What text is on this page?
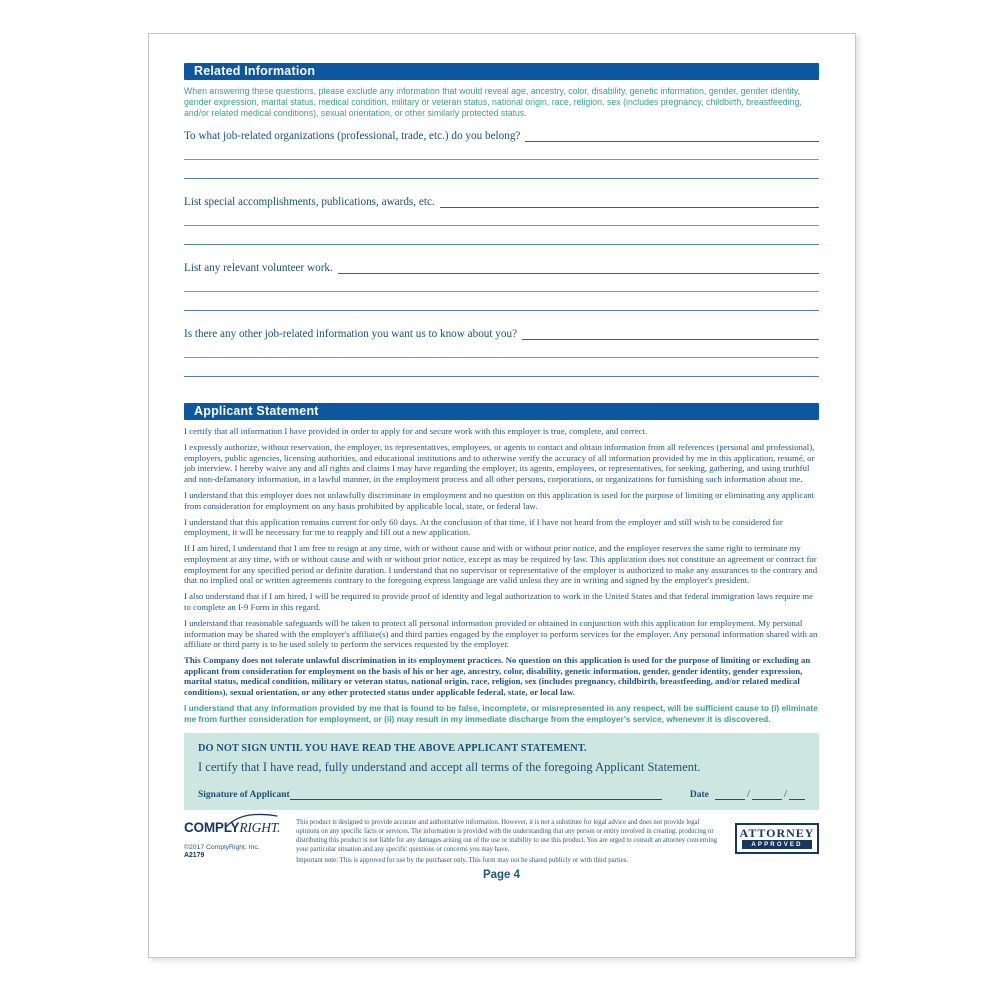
Related Information

When answering these questions, please exclude any information that would reveal age, ancestry, color, disability, genetic information, gender, gender identity, gender expression, marital status, medical condition, military or veteran status, national origin, race, religion, sex (includes pregnancy, childbirth, breastfeeding, and/or related medical conditions), sexual orientation, or other similarly protected status.

To what job-related organizations (professional, trade, etc.) do you belong?
List special accomplishments, publications, awards, etc.
List any relevant volunteer work.
Is there any other job-related information you want us to know about you?
Applicant Statement

I certify that all information I have provided in order to apply for and secure work with this employer is true, complete, and correct.

I expressly authorize, without reservation, the employer, its representatives, employees, or agents to contact and obtain information from all references (personal and professional), employers, public agencies, licensing authorities, and educational institutions and to otherwise verify the accuracy of all information provided by me in this application, resumé, or job interview. I hereby waive any and all rights and claims I may have regarding the employer, its agents, employees, or representatives, for seeking, gathering, and using truthful and non-defamatory information, in a lawful manner, in the employment process and all other persons, corporations, or organizations for furnishing such information about me.

I understand that this employer does not unlawfully discriminate in employment and no question on this application is used for the purpose of limiting or eliminating any applicant from consideration for employment on any basis prohibited by applicable local, state, or federal law.

I understand that this application remains current for only 60 days. At the conclusion of that time, if I have not heard from the employer and still wish to be considered for employment, it will be necessary for me to reapply and fill out a new application.

If I am hired, I understand that I am free to resign at any time, with or without cause and with or without prior notice, and the employer reserves the same right to terminate my employment at any time, with or without cause and with or without prior notice, except as may be required by law. This application does not constitute an agreement or contract for employment for any specified period or definite duration. I understand that no supervisor or representative of the employer is authorized to make any assurances to the contrary and that no implied oral or written agreements contrary to the foregoing express language are valid unless they are in writing and signed by the employer's president.

I also understand that if I am hired, I will be required to provide proof of identity and legal authorization to work in the United States and that federal immigration laws require me to complete an I-9 Form in this regard.

I understand that reasonable safeguards will be taken to protect all personal information provided or obtained in conjunction with this application for employment. My personal information may be shared with the employer's affiliate(s) and third parties engaged by the employer to perform services for the employer. Any personal information shared with an affiliate or third party is to be used solely to perform the services requested by the employer.

This Company does not tolerate unlawful discrimination in its employment practices. No question on this application is used for the purpose of limiting or excluding an applicant from consideration for employment on the basis of his or her age, ancestry, color, disability, genetic information, gender, gender identity, gender expression, marital status, medical condition, military or veteran status, national origin, race, religion, sex (includes pregnancy, childbirth, breastfeeding, and/or related medical conditions), sexual orientation, or any other protected status under applicable federal, state, or local law.

I understand that any information provided by me that is found to be false, incomplete, or misrepresented in any respect, will be sufficient cause to (i) eliminate me from further consideration for employment, or (ii) may result in my immediate discharge from the employer's service, whenever it is discovered.

DO NOT SIGN UNTIL YOU HAVE READ THE ABOVE APPLICANT STATEMENT.
I certify that I have read, fully understand and accept all terms of the foregoing Applicant Statement.
Signature of Applicant	Date	/	/
COMPLYRIGHT.
©2017 ComplyRight, Inc.
A2179

This product is designed to provide accurate and authoritative information. However, it is not a substitute for legal advice and does not provide legal opinions on any specific facts or services. The information is provided with the understanding that any person or entity involved in creating, producing or distributing this product is not liable for any damages arising out of the use or inability to use this product. You are urged to consult an attorney concerning your particular situation and any specific questions or concerns you may have.

Important note: This is approved for use by the purchaser only. This form may not be shared publicly or with third parties.

ATTORNEY
APPROVED
Page 4
